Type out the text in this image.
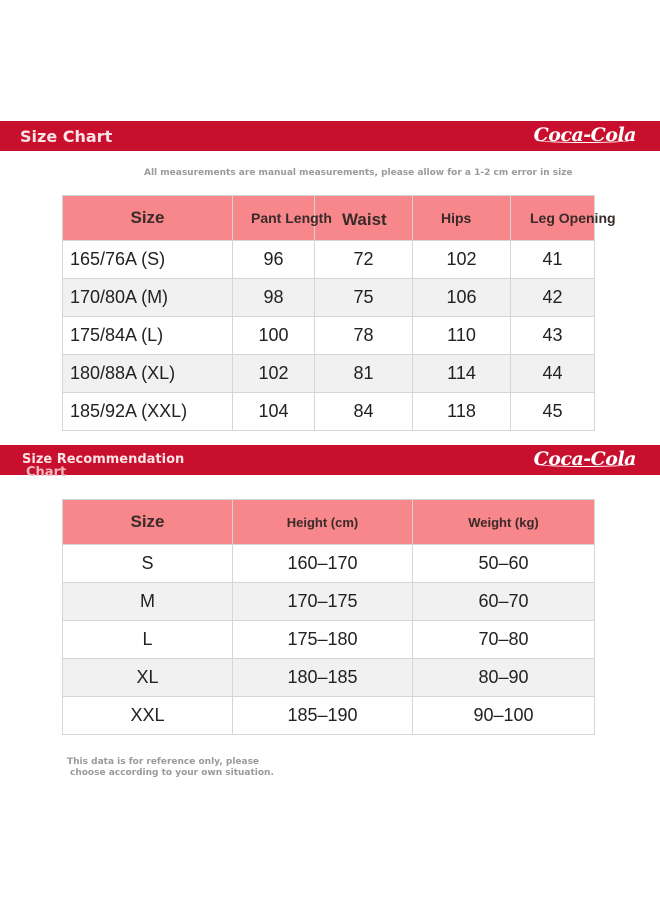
Size Chart	Coca-Cola
All measurements are manual measurements, please allow for a 1-2 cm error in size
Size	Pant Length	Waist	Hips	Leg Opening

165/76A (S)	96	72	102	41
170/80A (M)	98	75	106	42
175/84A (L)	100	78	110	43
180/88A (XL)	102	81	114	44
185/92A (XXL)	104	84	118	45
Size Recommendation
Chart
Coca-Cola
Size	Height (cm)	Weight (kg)
S	160–170	50–60
M	170–175	60–70
L	175–180	70–80
XL	180–185	80–90
XXL	185–190	90–100
This data is for reference only, please
choose according to your own situation.
